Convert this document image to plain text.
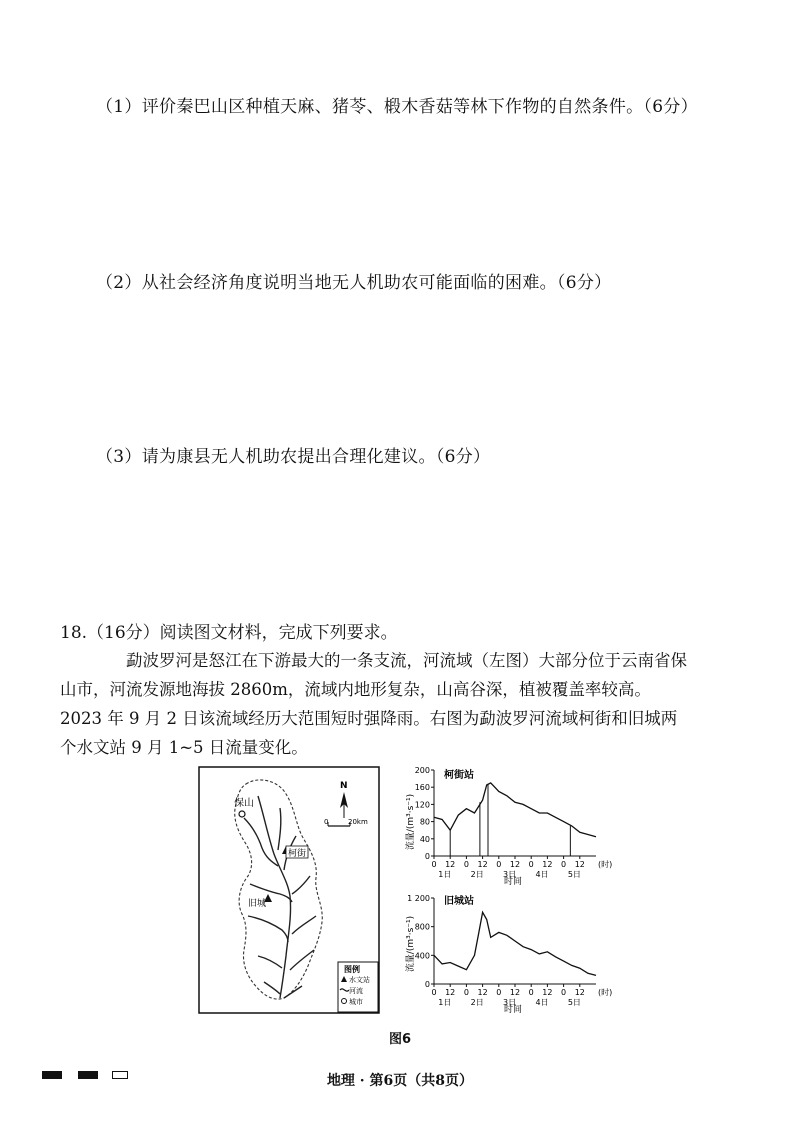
（1）评价秦巴山区种植天麻、猪苓、椴木香菇等林下作物的自然条件。（6分）
（2）从社会经济角度说明当地无人机助农可能面临的困难。（6分）
（3）请为康县无人机助农提出合理化建议。（6分）
18.（16分）阅读图文材料，完成下列要求。
勐波罗河是怒江在下游最大的一条支流，河流域（左图）大部分位于云南省保
山市，河流发源地海拔 2860m，流域内地形复杂，山高谷深，植被覆盖率较高。
2023 年 9 月 2 日该流域经历大范围短时强降雨。右图为勐波罗河流域柯街和旧城两
个水文站 9 月 1~5 日流量变化。
保山
柯街
旧城
N
0	20km
图例
水文站
河流
城市
柯街站
流量/(m³·s⁻¹)
时间
0
40
80
120
160
200
0 12 0 12 0 12 0 12 0 12 (时)
1日 2日 3日 4日 5日
旧城站
流量/(m³·s⁻¹)
时间
0
400
800
1 200
0 12 0 12 0 12 0 12 0 12 (时)
1日 2日 3日 4日 5日
图6
地理 · 第6页（共8页）
